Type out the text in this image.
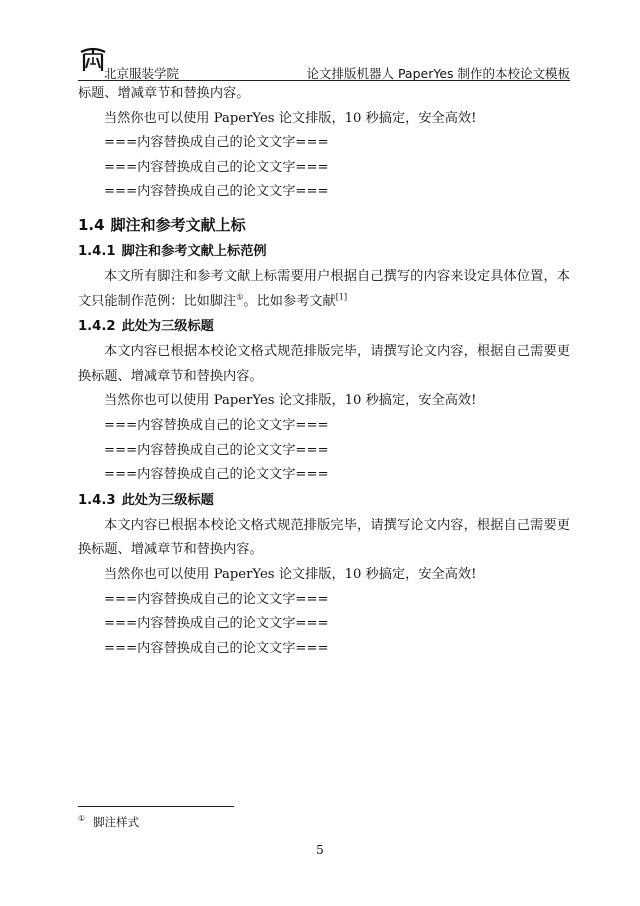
北京服装学院	论文排版机器人 PaperYes 制作的本校论文模板

标题、增减章节和替换内容。

当然你也可以使用 PaperYes 论文排版，10 秒搞定，安全高效!

===内容替换成自己的论文文字===

===内容替换成自己的论文文字===

===内容替换成自己的论文文字===

1.4 脚注和参考文献上标
1.4.1 脚注和参考文献上标范例

本文所有脚注和参考文献上标需要用户根据自己撰写的内容来设定具体位置，本文只能制作范例：比如脚注①。比如参考文献[1]

1.4.2 此处为三级标题

本文内容已根据本校论文格式规范排版完毕，请撰写论文内容，根据自己需要更换标题、增减章节和替换内容。

当然你也可以使用 PaperYes 论文排版，10 秒搞定，安全高效!

===内容替换成自己的论文文字===

===内容替换成自己的论文文字===

===内容替换成自己的论文文字===

1.4.3 此处为三级标题

本文内容已根据本校论文格式规范排版完毕，请撰写论文内容，根据自己需要更换标题、增减章节和替换内容。

当然你也可以使用 PaperYes 论文排版，10 秒搞定，安全高效!

===内容替换成自己的论文文字===

===内容替换成自己的论文文字===

===内容替换成自己的论文文字===

① 脚注样式
5
